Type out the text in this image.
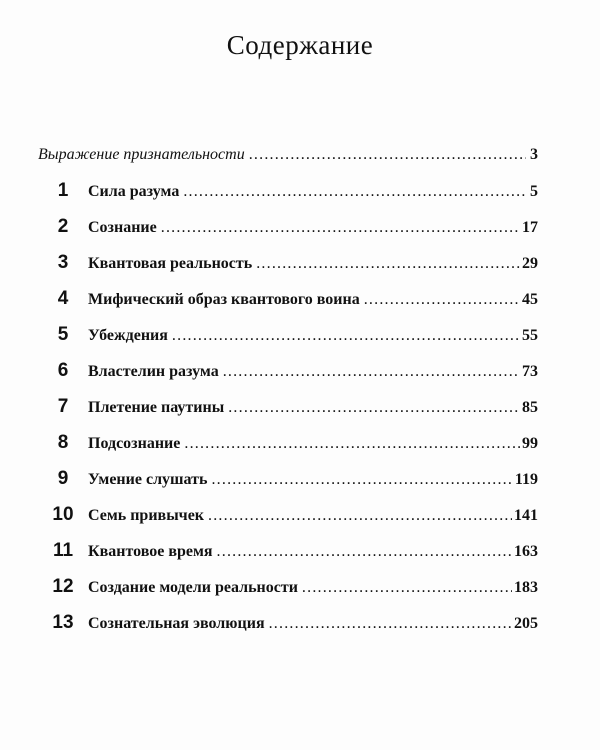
Содержание
Выражение признательности .....	3
1	Сила разума .....	5
2	Сознание .....	17
3	Квантовая реальность .....	29
4	Мифический образ квантового воина .....	45
5	Убеждения .....	55
6	Властелин разума .....	73
7	Плетение паутины .....	85
8	Подсознание .....	99
9	Умение слушать .....	119
10 Семь привычек .....	141
11 Квантовое время .....	163
12 Создание модели реальности .....	183
13 Сознательная эволюция .....	205
